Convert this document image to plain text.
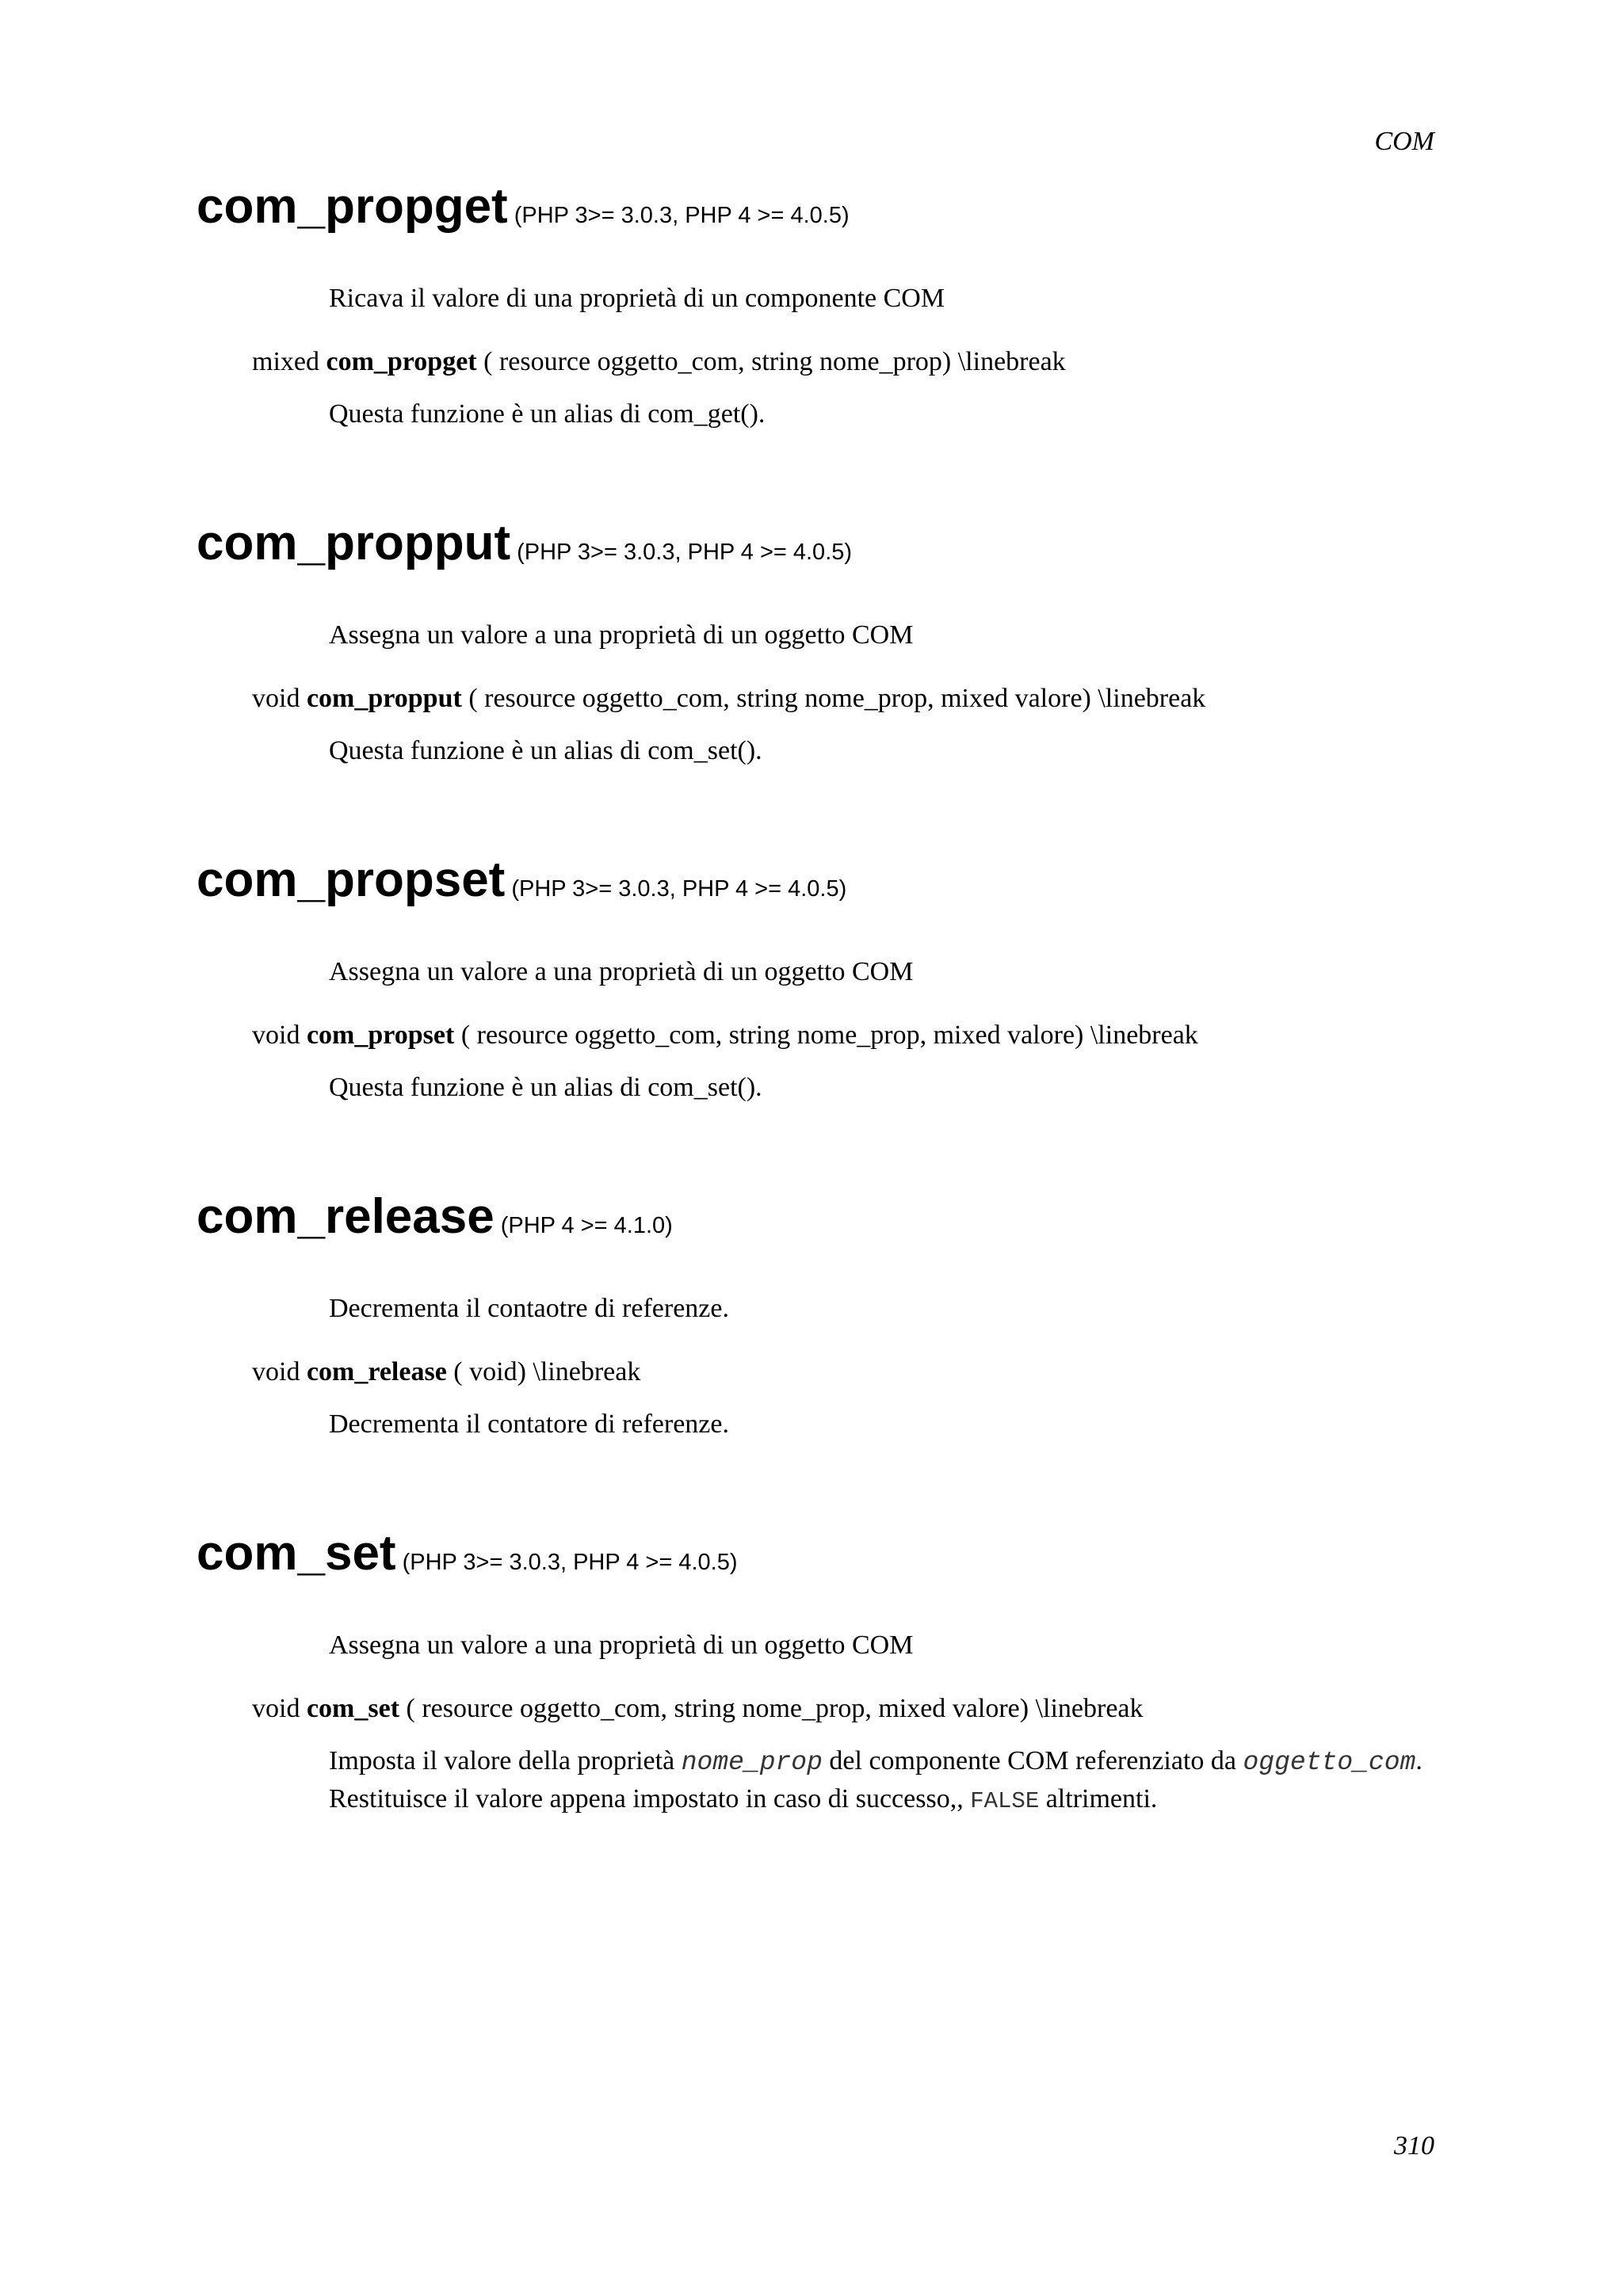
COM
com_propget (PHP 3>= 3.0.3, PHP 4 >= 4.0.5)
Ricava il valore di una proprietà di un componente COM
mixed com_propget ( resource oggetto_com, string nome_prop) \linebreak
Questa funzione è un alias di com_get().
com_propput (PHP 3>= 3.0.3, PHP 4 >= 4.0.5)
Assegna un valore a una proprietà di un oggetto COM
void com_propput ( resource oggetto_com, string nome_prop, mixed valore) \linebreak
Questa funzione è un alias di com_set().
com_propset (PHP 3>= 3.0.3, PHP 4 >= 4.0.5)
Assegna un valore a una proprietà di un oggetto COM
void com_propset ( resource oggetto_com, string nome_prop, mixed valore) \linebreak
Questa funzione è un alias di com_set().
com_release (PHP 4 >= 4.1.0)
Decrementa il contaotre di referenze.
void com_release ( void) \linebreak
Decrementa il contatore di referenze.
com_set (PHP 3>= 3.0.3, PHP 4 >= 4.0.5)
Assegna un valore a una proprietà di un oggetto COM
void com_set ( resource oggetto_com, string nome_prop, mixed valore) \linebreak
Imposta il valore della proprietà nome_prop del componente COM referenziato da oggetto_com. Restituisce il valore appena impostato in caso di successo,, FALSE altrimenti.
310
